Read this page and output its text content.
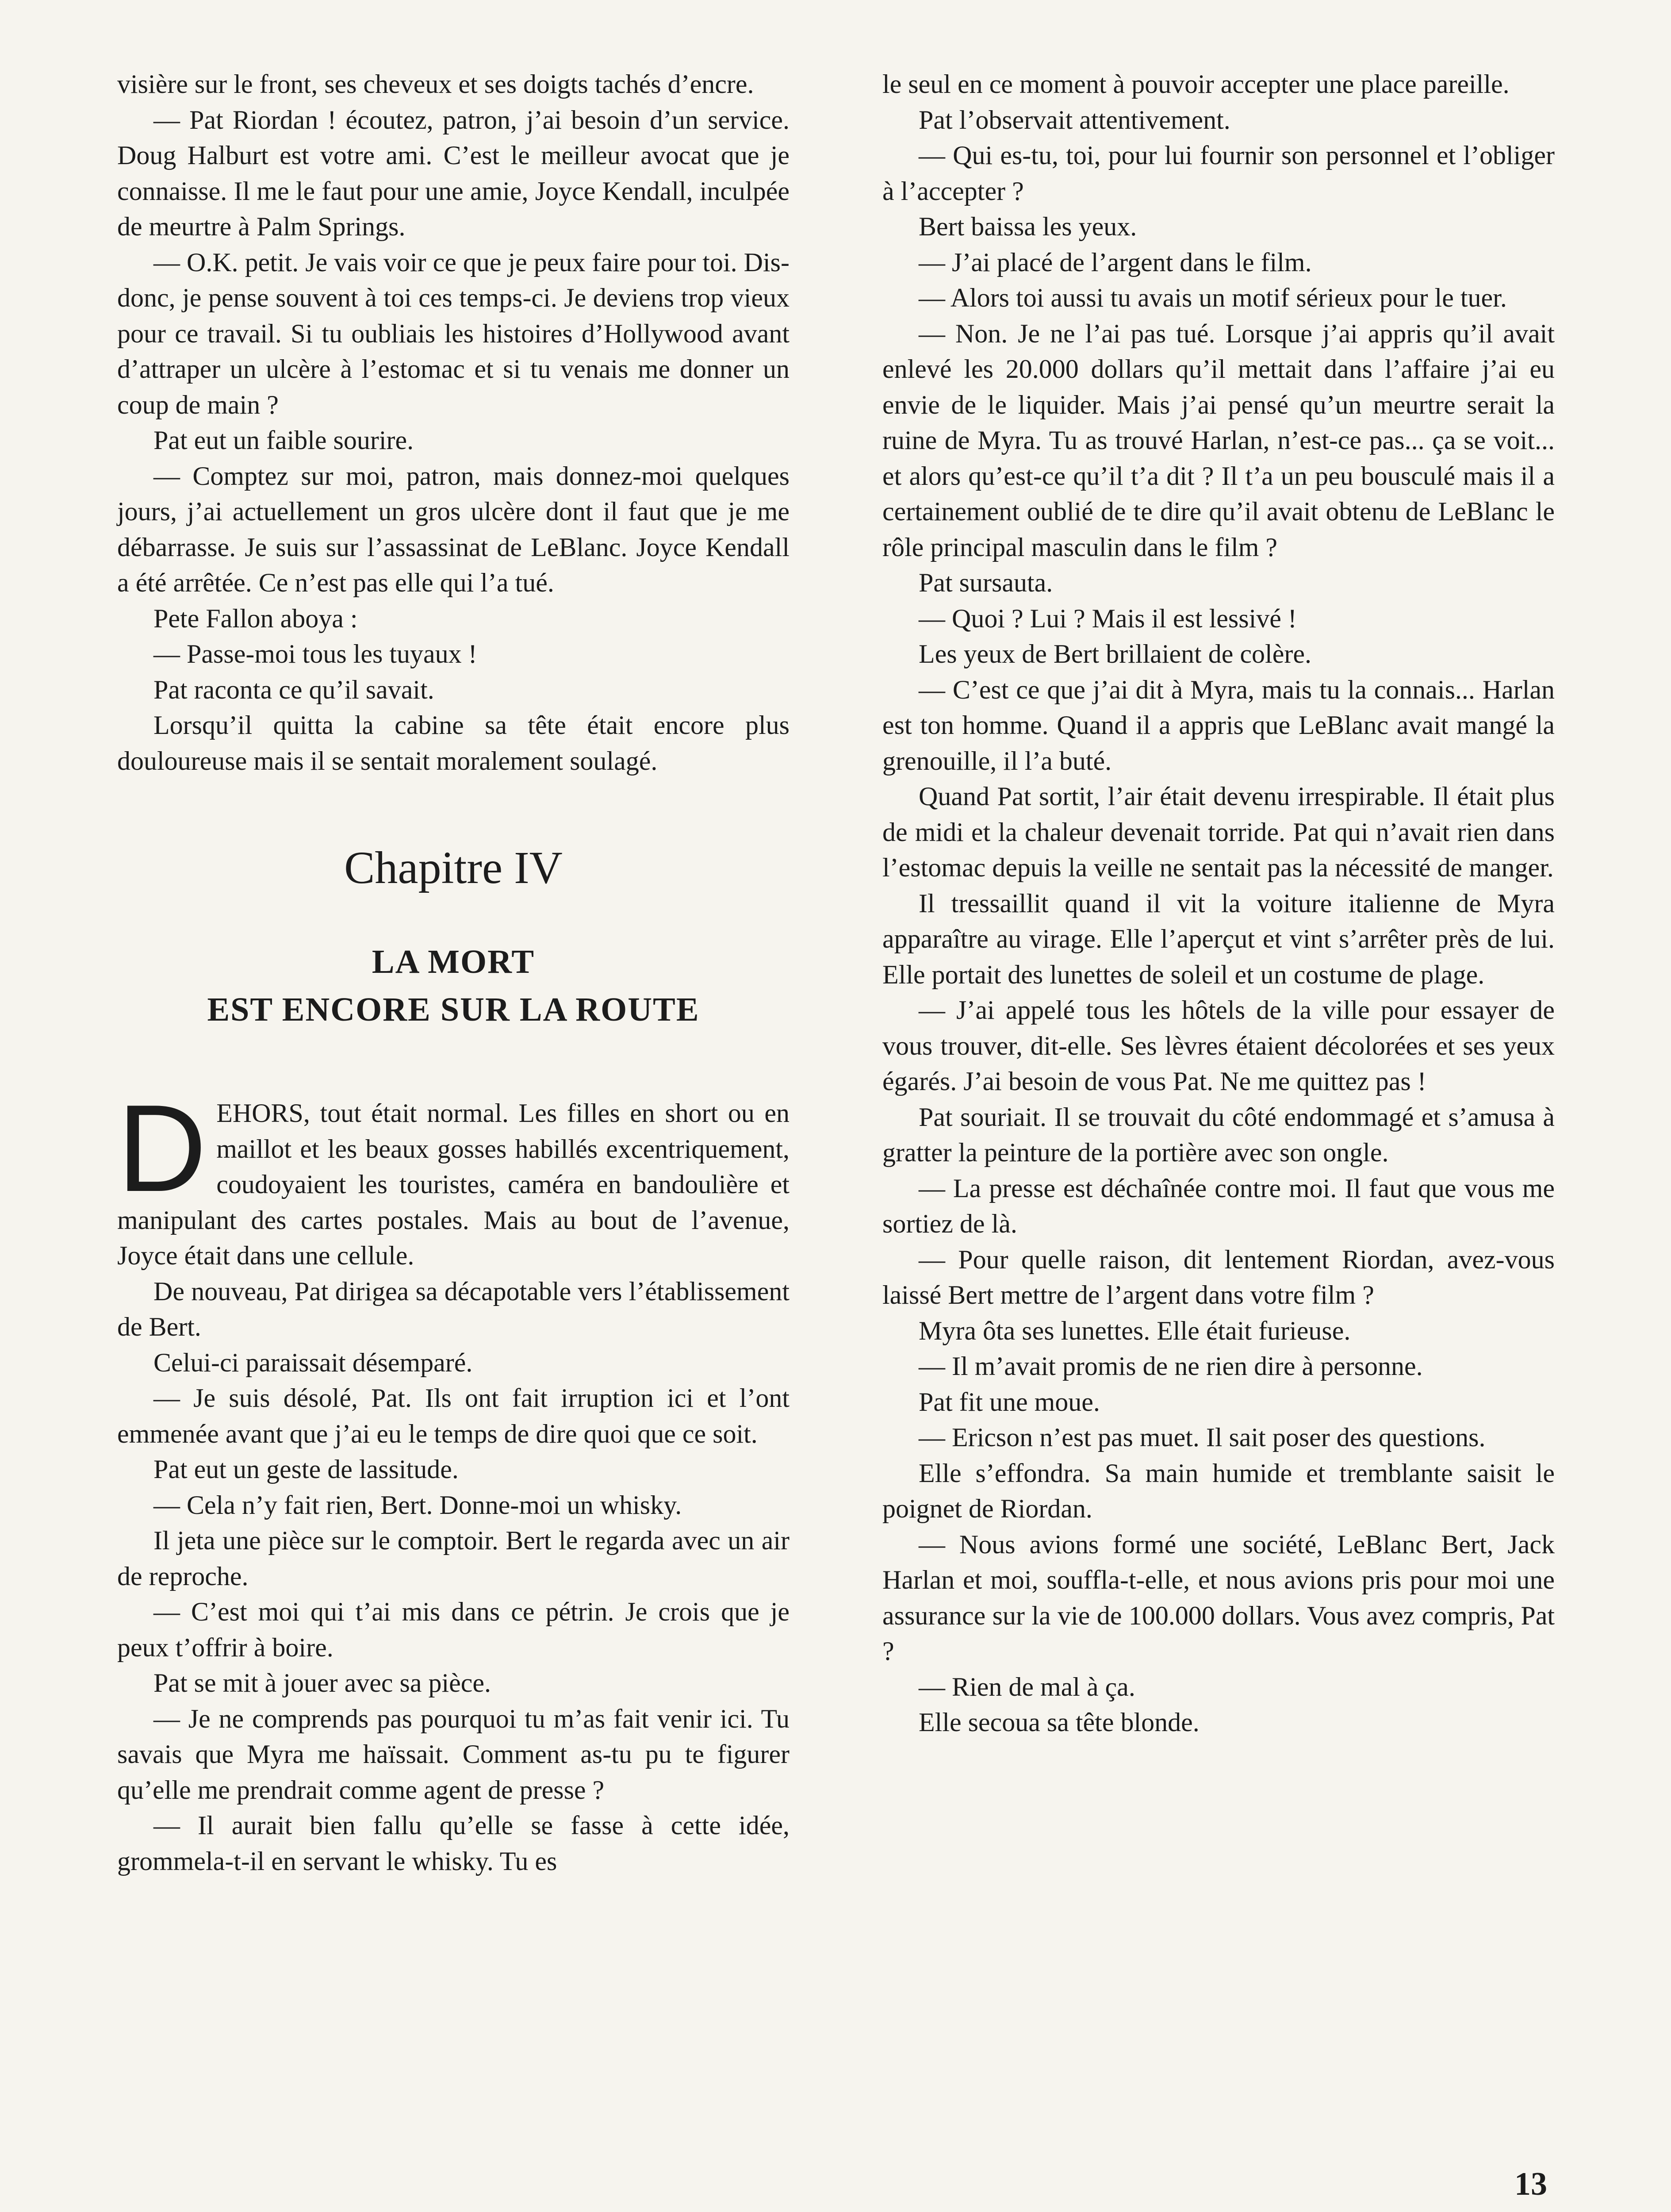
visière sur le front, ses cheveux et ses doigts tachés d’encre.

— Pat Riordan ! écoutez, patron, j’ai besoin d’un service. Doug Halburt est votre ami. C’est le meilleur avocat que je connaisse. Il me le faut pour une amie, Joyce Kendall, inculpée de meurtre à Palm Springs.

— O.K. petit. Je vais voir ce que je peux faire pour toi. Dis-donc, je pense souvent à toi ces temps-ci. Je deviens trop vieux pour ce travail. Si tu oubliais les histoires d’Hollywood avant d’attraper un ulcère à l’estomac et si tu venais me donner un coup de main ?

Pat eut un faible sourire.

— Comptez sur moi, patron, mais donnez-moi quelques jours, j’ai actuellement un gros ulcère dont il faut que je me débarrasse. Je suis sur l’assassinat de LeBlanc. Joyce Kendall a été arrêtée. Ce n’est pas elle qui l’a tué.

Pete Fallon aboya :

— Passe-moi tous les tuyaux !

Pat raconta ce qu’il savait.

Lorsqu’il quitta la cabine sa tête était encore plus douloureuse mais il se sentait moralement soulagé.

Chapitre IV
LA MORT
EST ENCORE SUR LA ROUTE

DEHORS, tout était normal. Les filles en short ou en maillot et les beaux gosses habillés excentriquement, coudoyaient les touristes, caméra en bandoulière et manipulant des cartes postales. Mais au bout de l’avenue, Joyce était dans une cellule.

De nouveau, Pat dirigea sa décapotable vers l’établissement de Bert.

Celui-ci paraissait désemparé.

— Je suis désolé, Pat. Ils ont fait irruption ici et l’ont emmenée avant que j’ai eu le temps de dire quoi que ce soit.

Pat eut un geste de lassitude.

— Cela n’y fait rien, Bert. Donne-moi un whisky.

Il jeta une pièce sur le comptoir. Bert le regarda avec un air de reproche.

— C’est moi qui t’ai mis dans ce pétrin. Je crois que je peux t’offrir à boire.

Pat se mit à jouer avec sa pièce.

— Je ne comprends pas pourquoi tu m’as fait venir ici. Tu savais que Myra me haïssait. Comment as-tu pu te figurer qu’elle me prendrait comme agent de presse ?

— Il aurait bien fallu qu’elle se fasse à cette idée, grommela-t-il en servant le whisky. Tu es

le seul en ce moment à pouvoir accepter une place pareille.

Pat l’observait attentivement.

— Qui es-tu, toi, pour lui fournir son personnel et l’obliger à l’accepter ?

Bert baissa les yeux.

— J’ai placé de l’argent dans le film.

— Alors toi aussi tu avais un motif sérieux pour le tuer.

— Non. Je ne l’ai pas tué. Lorsque j’ai appris qu’il avait enlevé les 20.000 dollars qu’il mettait dans l’affaire j’ai eu envie de le liquider. Mais j’ai pensé qu’un meurtre serait la ruine de Myra. Tu as trouvé Harlan, n’est-ce pas... ça se voit... et alors qu’est-ce qu’il t’a dit ? Il t’a un peu bousculé mais il a certainement oublié de te dire qu’il avait obtenu de LeBlanc le rôle principal masculin dans le film ?

Pat sursauta.

— Quoi ? Lui ? Mais il est lessivé !

Les yeux de Bert brillaient de colère.

— C’est ce que j’ai dit à Myra, mais tu la connais... Harlan est ton homme. Quand il a appris que LeBlanc avait mangé la grenouille, il l’a buté.

Quand Pat sortit, l’air était devenu irrespirable. Il était plus de midi et la chaleur devenait torride. Pat qui n’avait rien dans l’estomac depuis la veille ne sentait pas la nécessité de manger.

Il tressaillit quand il vit la voiture italienne de Myra apparaître au virage. Elle l’aperçut et vint s’arrêter près de lui. Elle portait des lunettes de soleil et un costume de plage.

— J’ai appelé tous les hôtels de la ville pour essayer de vous trouver, dit-elle. Ses lèvres étaient décolorées et ses yeux égarés. J’ai besoin de vous Pat. Ne me quittez pas !

Pat souriait. Il se trouvait du côté endommagé et s’amusa à gratter la peinture de la portière avec son ongle.

— La presse est déchaînée contre moi. Il faut que vous me sortiez de là.

— Pour quelle raison, dit lentement Riordan, avez-vous laissé Bert mettre de l’argent dans votre film ?

Myra ôta ses lunettes. Elle était furieuse.

— Il m’avait promis de ne rien dire à personne.

Pat fit une moue.

— Ericson n’est pas muet. Il sait poser des questions.

Elle s’effondra. Sa main humide et tremblante saisit le poignet de Riordan.

— Nous avions formé une société, LeBlanc Bert, Jack Harlan et moi, souffla-t-elle, et nous avions pris pour moi une assurance sur la vie de 100.000 dollars. Vous avez compris, Pat ?

— Rien de mal à ça.

Elle secoua sa tête blonde.

13
